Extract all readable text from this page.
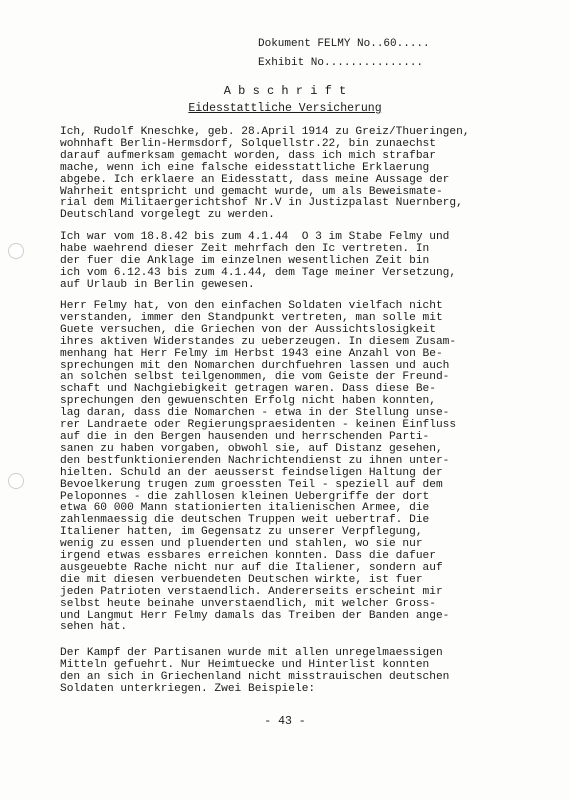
Dokument FELMY No..60.....
Exhibit No...............
A b s c h r i f t
Eidesstattliche Versicherung
Ich, Rudolf Kneschke, geb. 28.April 1914 zu Greiz/Thueringen,
wohnhaft Berlin-Hermsdorf, Solquellstr.22, bin zunaechst
darauf aufmerksam gemacht worden, dass ich mich strafbar
mache, wenn ich eine falsche eidesstattliche Erklaerung
abgebe. Ich erklaere an Eidesstatt, dass meine Aussage der
Wahrheit entspricht und gemacht wurde, um als Beweismate-
rial dem Militaergerichtshof Nr.V in Justizpalast Nuernberg,
Deutschland vorgelegt zu werden.
Ich war vom 18.8.42 bis zum 4.1.44  O 3 im Stabe Felmy und
habe waehrend dieser Zeit mehrfach den Ic vertreten. In
der fuer die Anklage im einzelnen wesentlichen Zeit bin
ich vom 6.12.43 bis zum 4.1.44, dem Tage meiner Versetzung,
auf Urlaub in Berlin gewesen.
Herr Felmy hat, von den einfachen Soldaten vielfach nicht
verstanden, immer den Standpunkt vertreten, man solle mit
Guete versuchen, die Griechen von der Aussichtslosigkeit
ihres aktiven Widerstandes zu ueberzeugen. In diesem Zusam-
menhang hat Herr Felmy im Herbst 1943 eine Anzahl von Be-
sprechungen mit den Nomarchen durchfuehren lassen und auch
an solchen selbst teilgenommen, die vom Geiste der Freund-
schaft und Nachgiebigkeit getragen waren. Dass diese Be-
sprechungen den gewuenschten Erfolg nicht haben konnten,
lag daran, dass die Nomarchen - etwa in der Stellung unse-
rer Landraete oder Regierungspraesidenten - keinen Einfluss
auf die in den Bergen hausenden und herrschenden Parti-
sanen zu haben vorgaben, obwohl sie, auf Distanz gesehen,
den bestfunktionierenden Nachrichtendienst zu ihnen unter-
hielten. Schuld an der aeusserst feindseligen Haltung der
Bevoelkerung trugen zum groessten Teil - speziell auf dem
Peloponnes - die zahllosen kleinen Uebergriffe der dort
etwa 60 000 Mann stationierten italienischen Armee, die
zahlenmaessig die deutschen Truppen weit uebertraf. Die
Italiener hatten, im Gegensatz zu unserer Verpflegung,
wenig zu essen und pluenderten und stahlen, wo sie nur
irgend etwas essbares erreichen konnten. Dass die dafuer
ausgeuebte Rache nicht nur auf die Italiener, sondern auf
die mit diesen verbuendeten Deutschen wirkte, ist fuer
jeden Patrioten verstaendlich. Andererseits erscheint mir
selbst heute beinahe unverstaendlich, mit welcher Gross-
und Langmut Herr Felmy damals das Treiben der Banden ange-
sehen hat.
Der Kampf der Partisanen wurde mit allen unregelmaessigen
Mitteln gefuehrt. Nur Heimtuecke und Hinterlist konnten
den an sich in Griechenland nicht misstrauischen deutschen
Soldaten unterkriegen. Zwei Beispiele:
- 43 -
